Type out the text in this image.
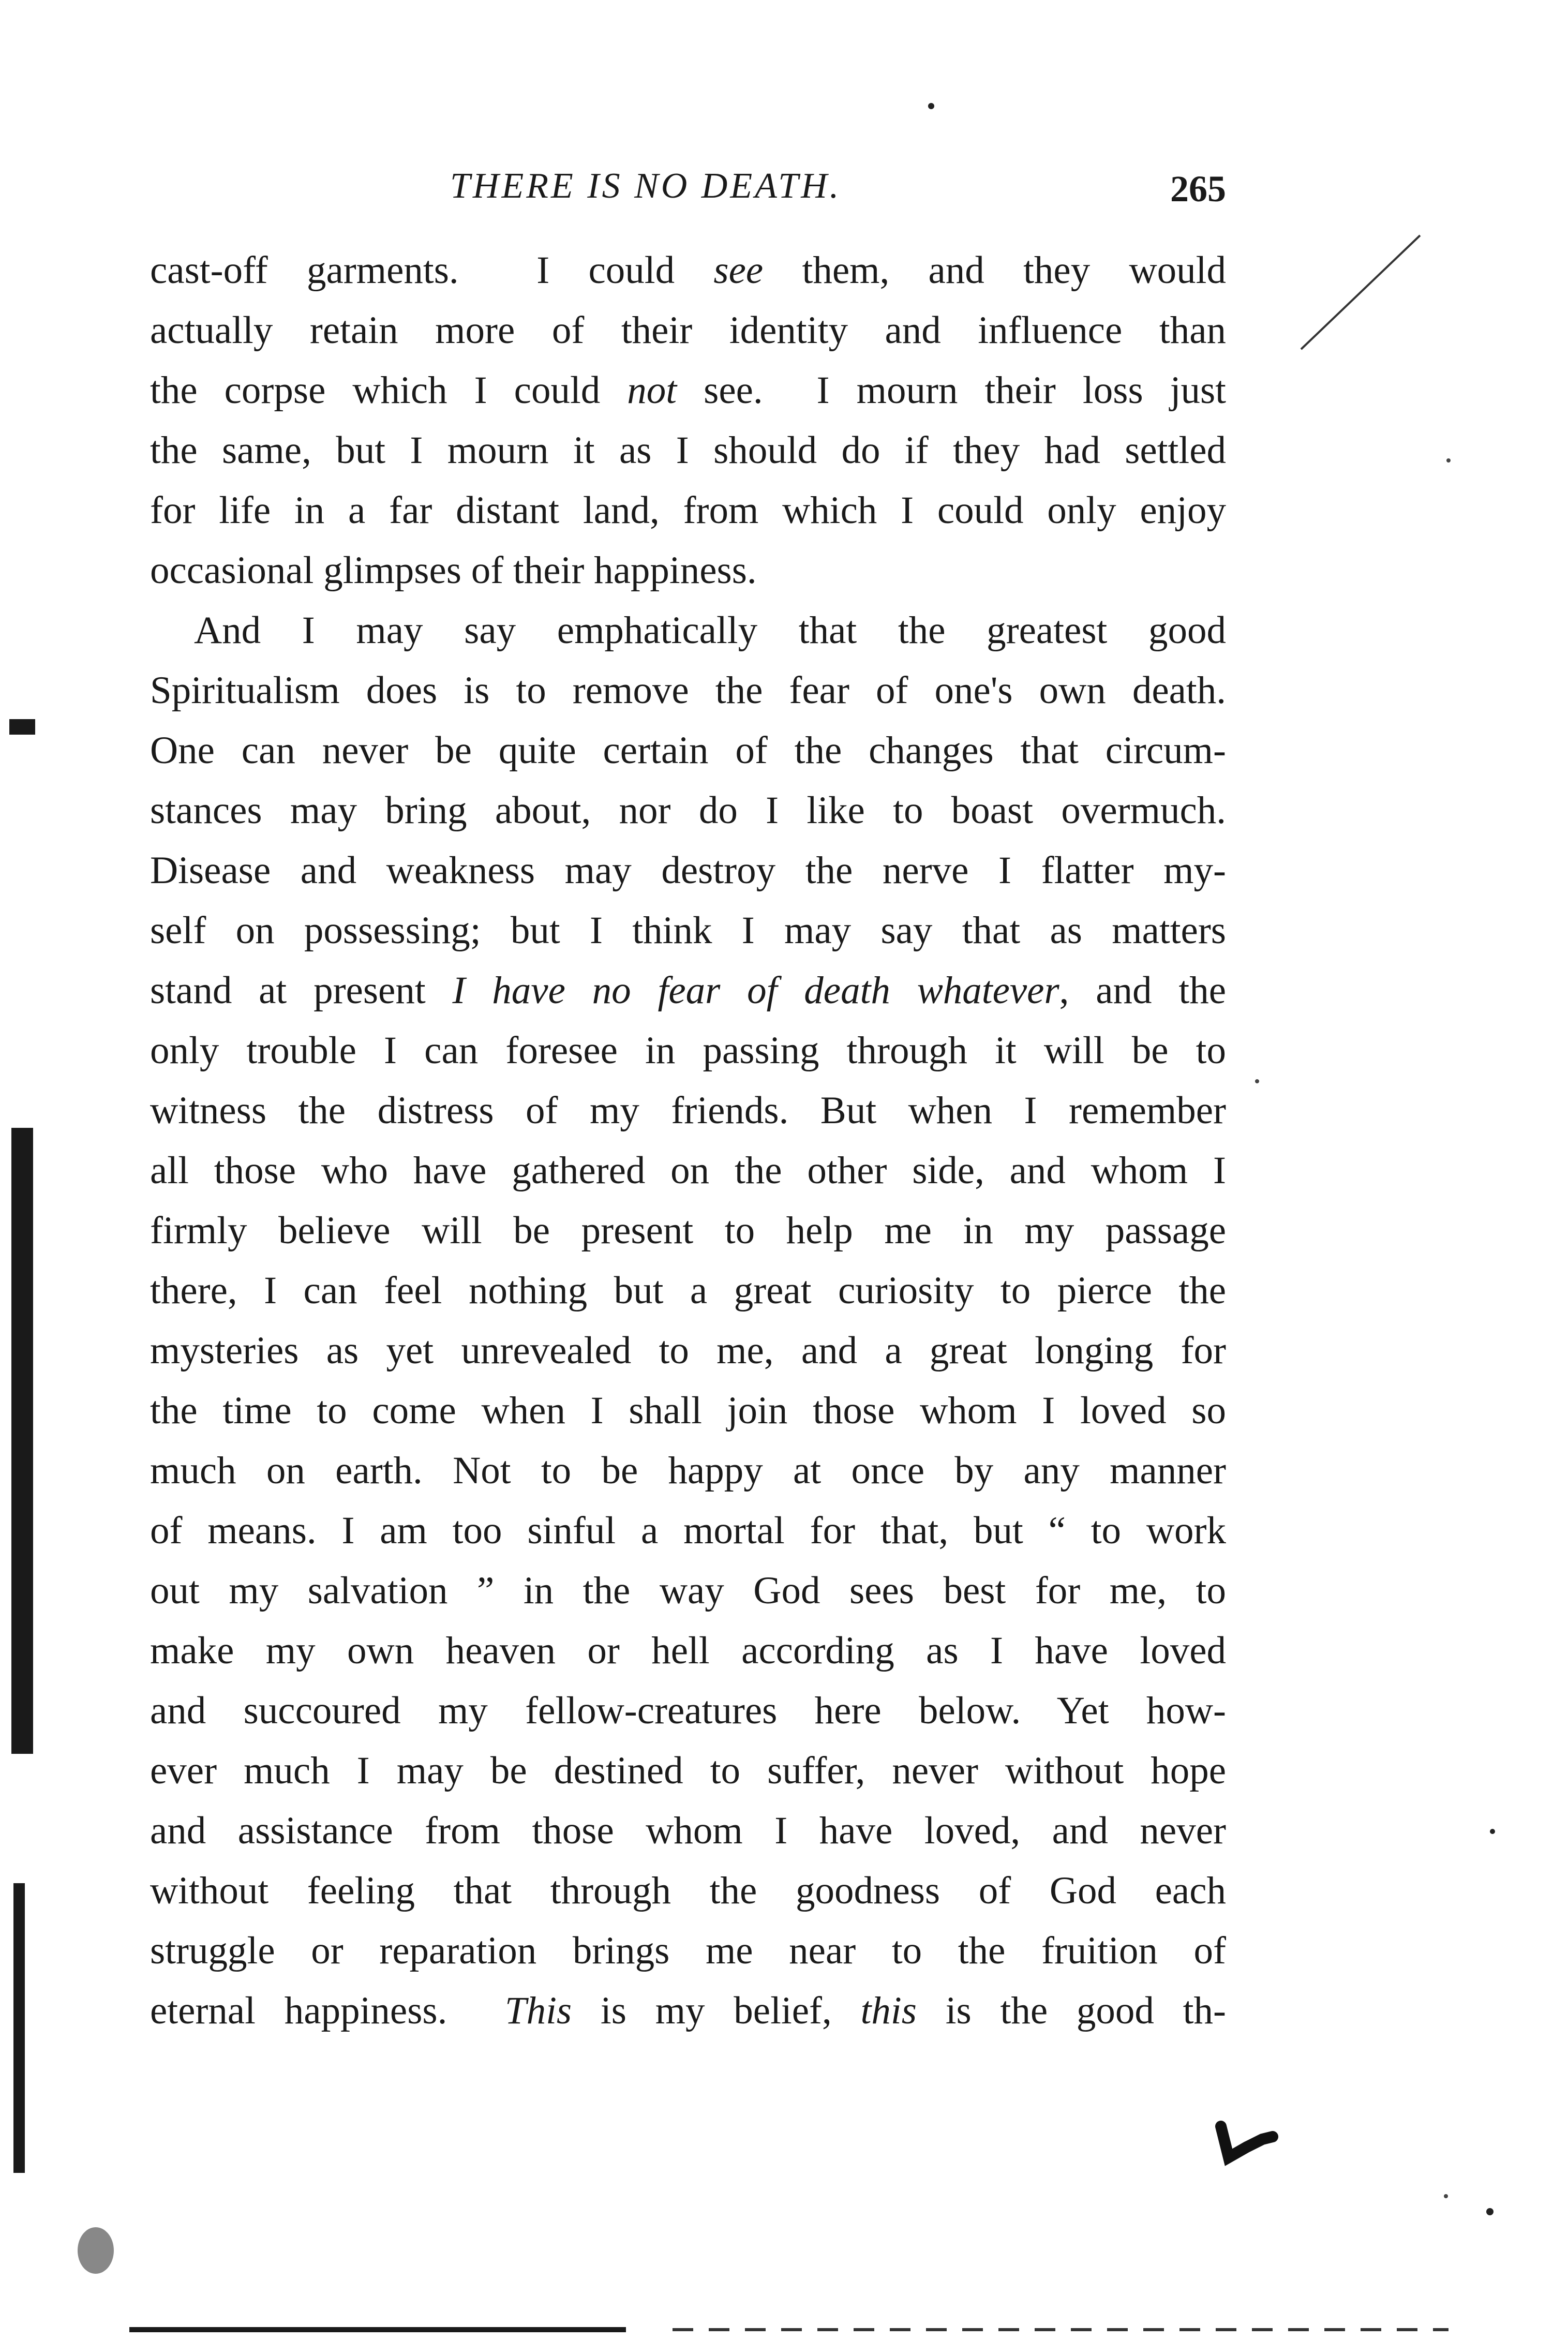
THERE IS NO DEATH.	265
cast-off garments.  I could see them, and they would
actually retain more of their identity and influence than
the corpse which I could not see.  I mourn their loss just
the same, but I mourn it as I should do if they had settled
for life in a far distant land, from which I could only enjoy
occasional glimpses of their happiness.
And I may say emphatically that the greatest good
Spiritualism does is to remove the fear of one's own death.
One can never be quite certain of the changes that circum-
stances may bring about, nor do I like to boast overmuch.
Disease and weakness may destroy the nerve I flatter my-
self on possessing; but I think I may say that as matters
stand at present I have no fear of death whatever, and the
only trouble I can foresee in passing through it will be to
witness the distress of my friends. But when I remember
all those who have gathered on the other side, and whom I
firmly believe will be present to help me in my passage
there, I can feel nothing but a great curiosity to pierce the
mysteries as yet unrevealed to me, and a great longing for
the time to come when I shall join those whom I loved so
much on earth. Not to be happy at once by any manner
of means. I am too sinful a mortal for that, but “ to work
out my salvation ” in the way God sees best for me, to
make my own heaven or hell according as I have loved
and succoured my fellow-creatures here below. Yet how-
ever much I may be destined to suffer, never without hope
and assistance from those whom I have loved, and never
without feeling that through the goodness of God each
struggle or reparation brings me near to the fruition of
eternal happiness.  This is my belief, this is the good th-
